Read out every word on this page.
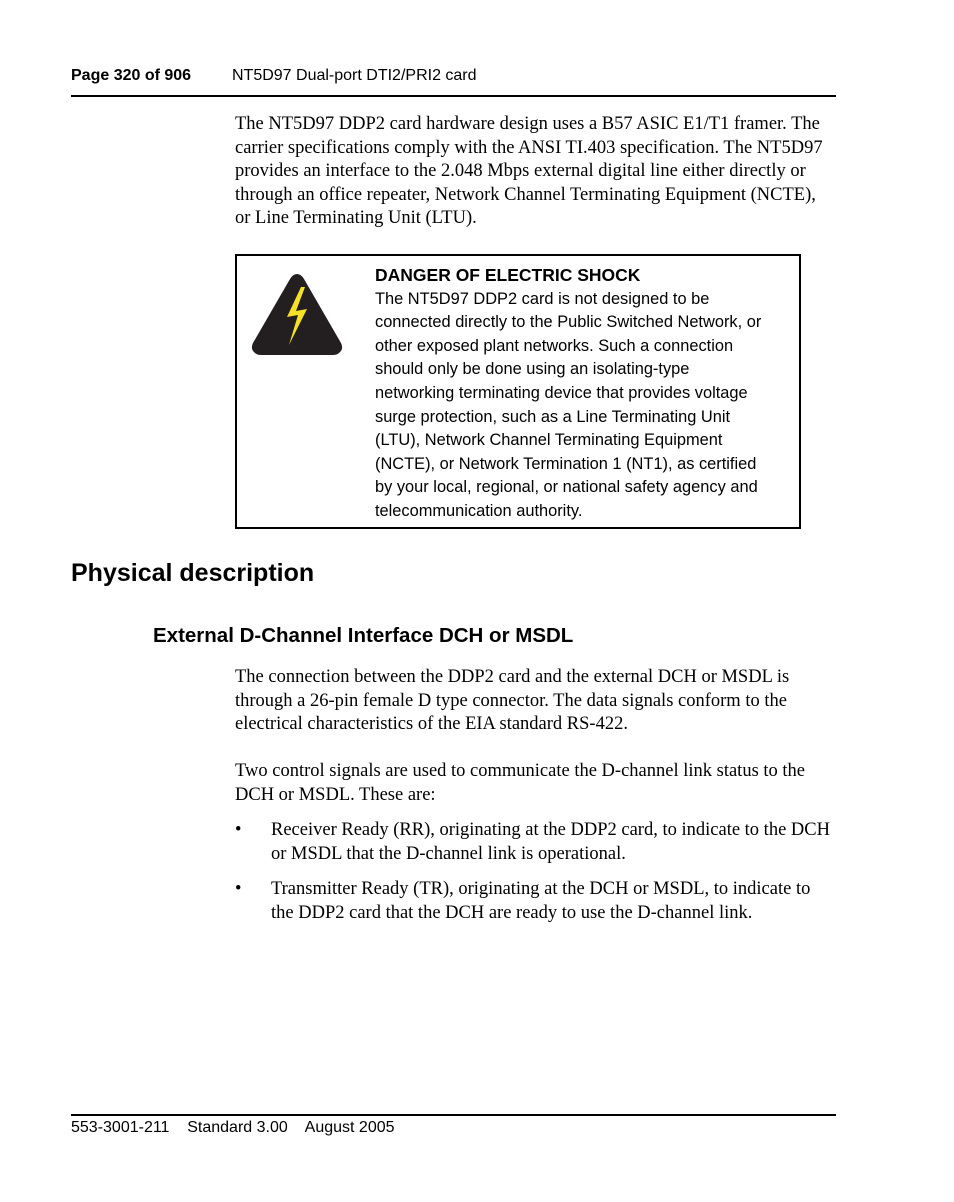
Page 320 of 906	NT5D97 Dual-port DTI2/PRI2 card

The NT5D97 DDP2 card hardware design uses a B57 ASIC E1/T1 framer. The carrier specifications comply with the ANSI TI.403 specification. The NT5D97 provides an interface to the 2.048 Mbps external digital line either directly or through an office repeater, Network Channel Terminating Equipment (NCTE), or Line Terminating Unit (LTU).

DANGER OF ELECTRIC SHOCK
The NT5D97 DDP2 card is not designed to be
connected directly to the Public Switched Network, or
other exposed plant networks. Such a connection
should only be done using an isolating-type
networking terminating device that provides voltage
surge protection, such as a Line Terminating Unit
(LTU), Network Channel Terminating Equipment
(NCTE), or Network Termination 1 (NT1), as certified
by your local, regional, or national safety agency and
telecommunication authority.
Physical description
External D-Channel Interface DCH or MSDL

The connection between the DDP2 card and the external DCH or MSDL is through a 26-pin female D type connector. The data signals conform to the electrical characteristics of the EIA standard RS-422.

Two control signals are used to communicate the D-channel link status to the DCH or MSDL. These are:

• Receiver Ready (RR), originating at the DDP2 card, to indicate to the DCH or MSDL that the D-channel link is operational.
• Transmitter Ready (TR), originating at the DCH or MSDL, to indicate to the DDP2 card that the DCH are ready to use the D-channel link.
553-3001-211 Standard 3.00 August 2005
